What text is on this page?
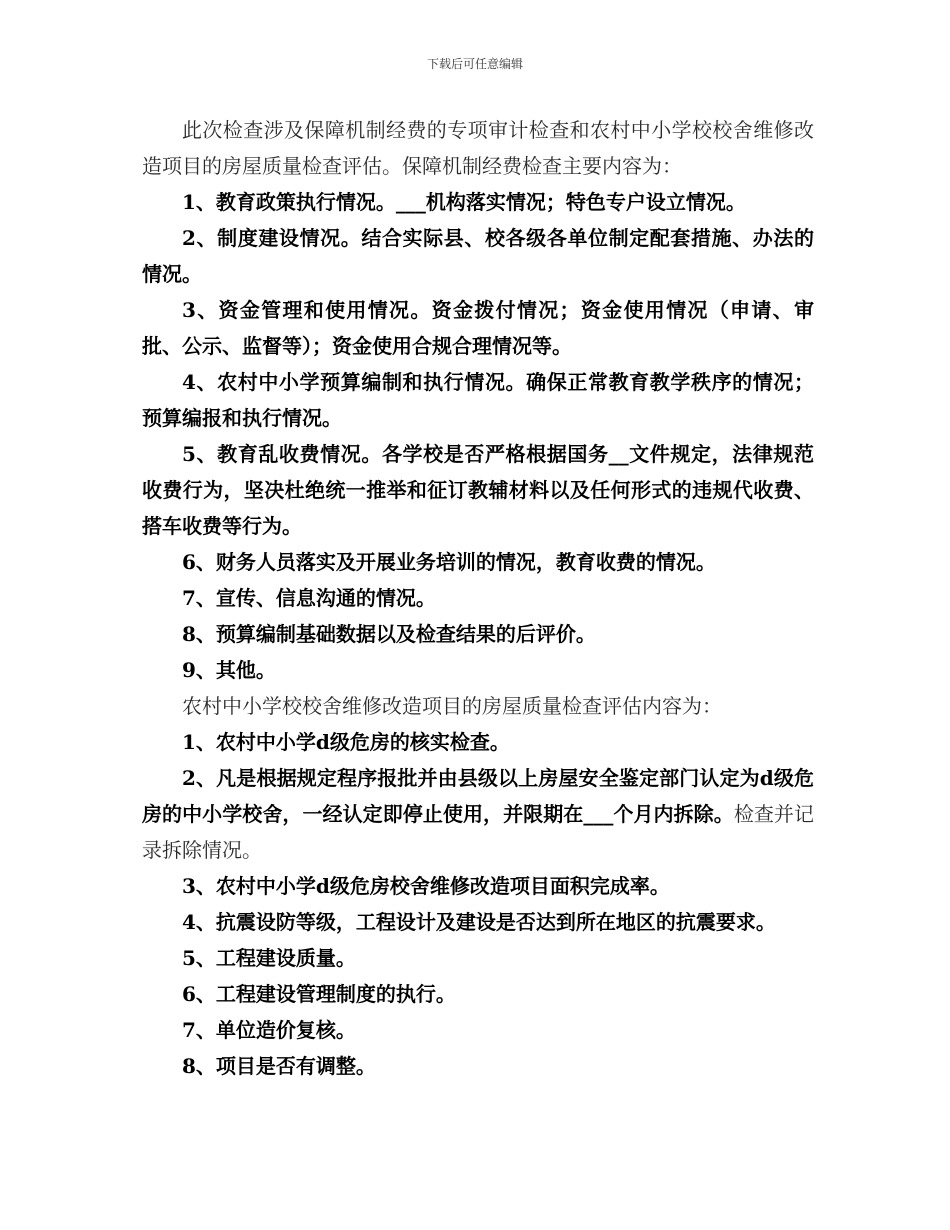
下载后可任意编辑

此次检查涉及保障机制经费的专项审计检查和农村中小学校校舍维修改造项目的房屋质量检查评估。保障机制经费检查主要内容为：

1、教育政策执行情况。___机构落实情况；特色专户设立情况。

2、制度建设情况。结合实际县、校各级各单位制定配套措施、办法的情况。

3、资金管理和使用情况。资金拨付情况；资金使用情况（申请、审批、公示、监督等）；资金使用合规合理情况等。

4、农村中小学预算编制和执行情况。确保正常教育教学秩序的情况；预算编报和执行情况。

5、教育乱收费情况。各学校是否严格根据国务__文件规定，法律规范收费行为，坚决杜绝统一推举和征订教辅材料以及任何形式的违规代收费、搭车收费等行为。

6、财务人员落实及开展业务培训的情况，教育收费的情况。

7、宣传、信息沟通的情况。

8、预算编制基础数据以及检查结果的后评价。

9、其他。

农村中小学校校舍维修改造项目的房屋质量检查评估内容为：

1、农村中小学d级危房的核实检查。

2、凡是根据规定程序报批并由县级以上房屋安全鉴定部门认定为d级危房的中小学校舍，一经认定即停止使用，并限期在___个月内拆除。检查并记录拆除情况。

3、农村中小学d级危房校舍维修改造项目面积完成率。

4、抗震设防等级，工程设计及建设是否达到所在地区的抗震要求。

5、工程建设质量。

6、工程建设管理制度的执行。

7、单位造价复核。

8、项目是否有调整。
